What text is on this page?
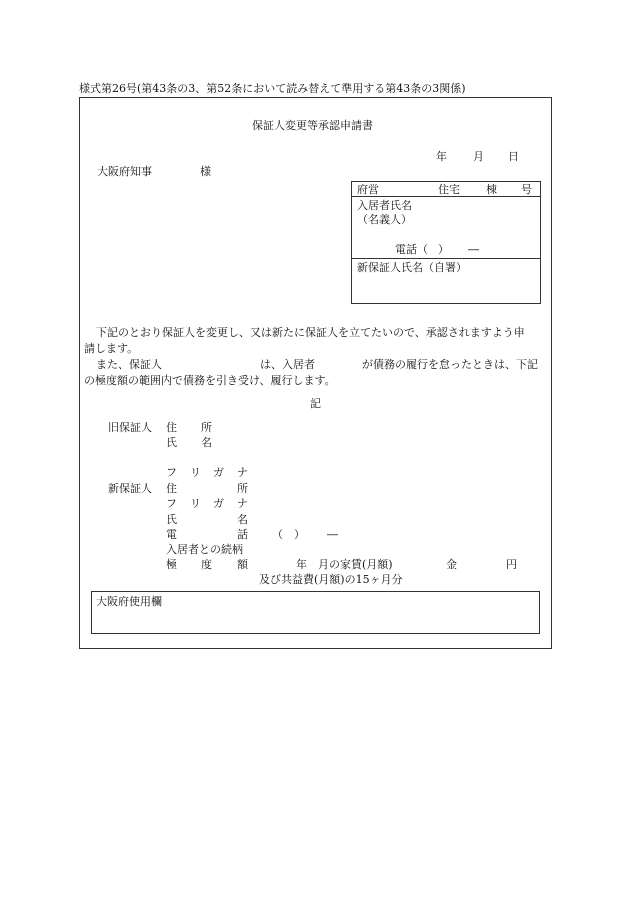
様式第26号(第43条の3、第52条において読み替えて準用する第43条の3関係)
保証人変更等承認申請書
年 月 日
大阪府知事	様
府営	住宅 棟 号
入居者氏名
（名義人）
電話（ ） ―
新保証人氏名（自署）
下記のとおり保証人を変更し、又は新たに保証人を立てたいので、承認されますよう申
請します。
また、保証人	は、入居者	が債務の履行を怠ったときは、下記
の極度額の範囲内で債務を引き受け、履行します。
記
旧保証人 住 所
氏 名
フ リ ガ ナ
新保証人 住	所
フ リ ガ ナ
氏	名
電	話 （ ） ―
入居者との続柄
極 度 額	年 月の家賃(月額)	金	円
及び共益費(月額)の15ヶ月分
大阪府使用欄
